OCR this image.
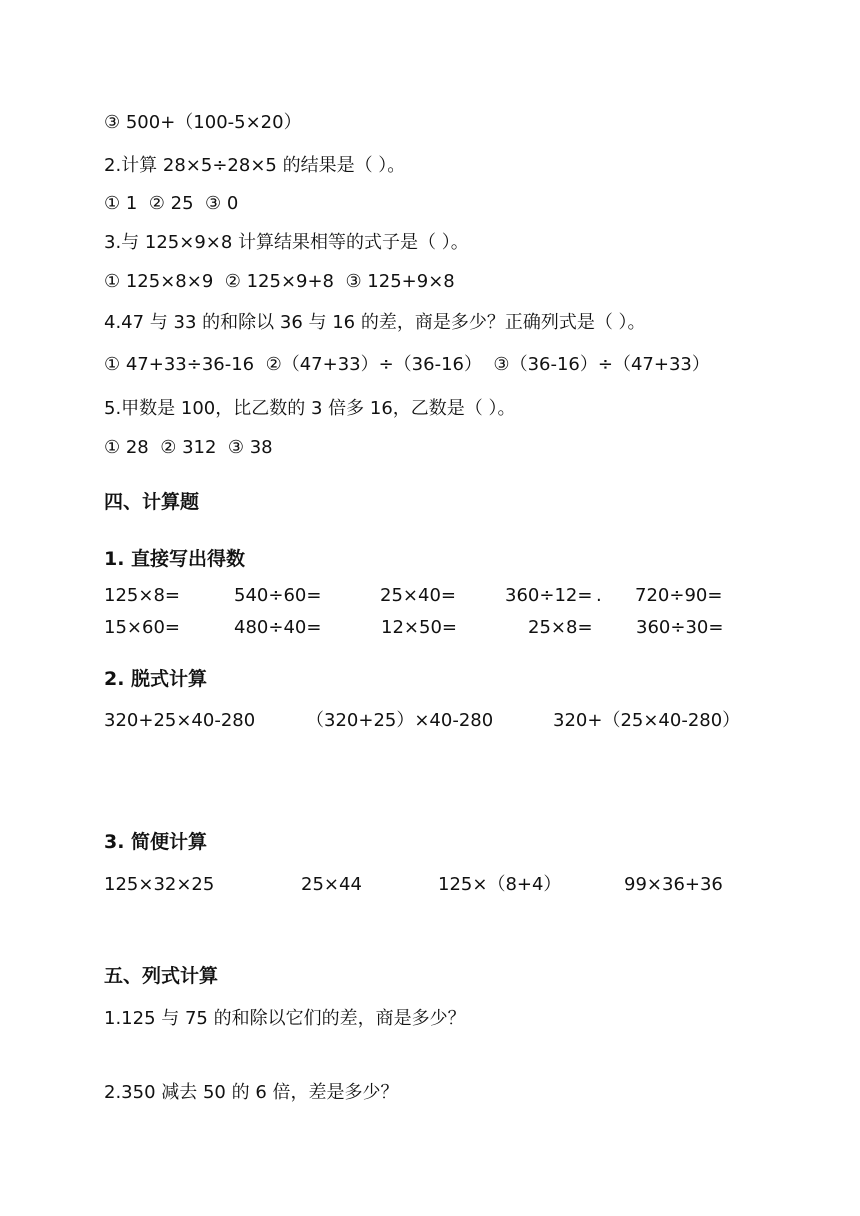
③ 500+（100-5×20）
2.计算 28×5÷28×5 的结果是（ ）。
① 1  ② 25  ③ 0
3.与 125×9×8 计算结果相等的式子是（ ）。
① 125×8×9  ② 125×9+8  ③ 125+9×8
4.47 与 33 的和除以 36 与 16 的差，商是多少？正确列式是（ ）。
① 47+33÷36-16  ②（47+33）÷（36-16）  ③（36-16）÷（47+33）
5.甲数是 100，比乙数的 3 倍多 16，乙数是（ ）。
① 28  ② 312  ③ 38
四、计算题
1. 直接写出得数
125×8=	540÷60=	25×40=	360÷12= . 720÷90=
15×60=	480÷40=	12×50=	25×8= 360÷30=
2. 脱式计算
320+25×40-280	（320+25）×40-280	320+（25×40-280）
3. 简便计算
125×32×25	25×44	125×（8+4）	99×36+36
五、列式计算
1.125 与 75 的和除以它们的差，商是多少？
2.350 减去 50 的 6 倍，差是多少？
